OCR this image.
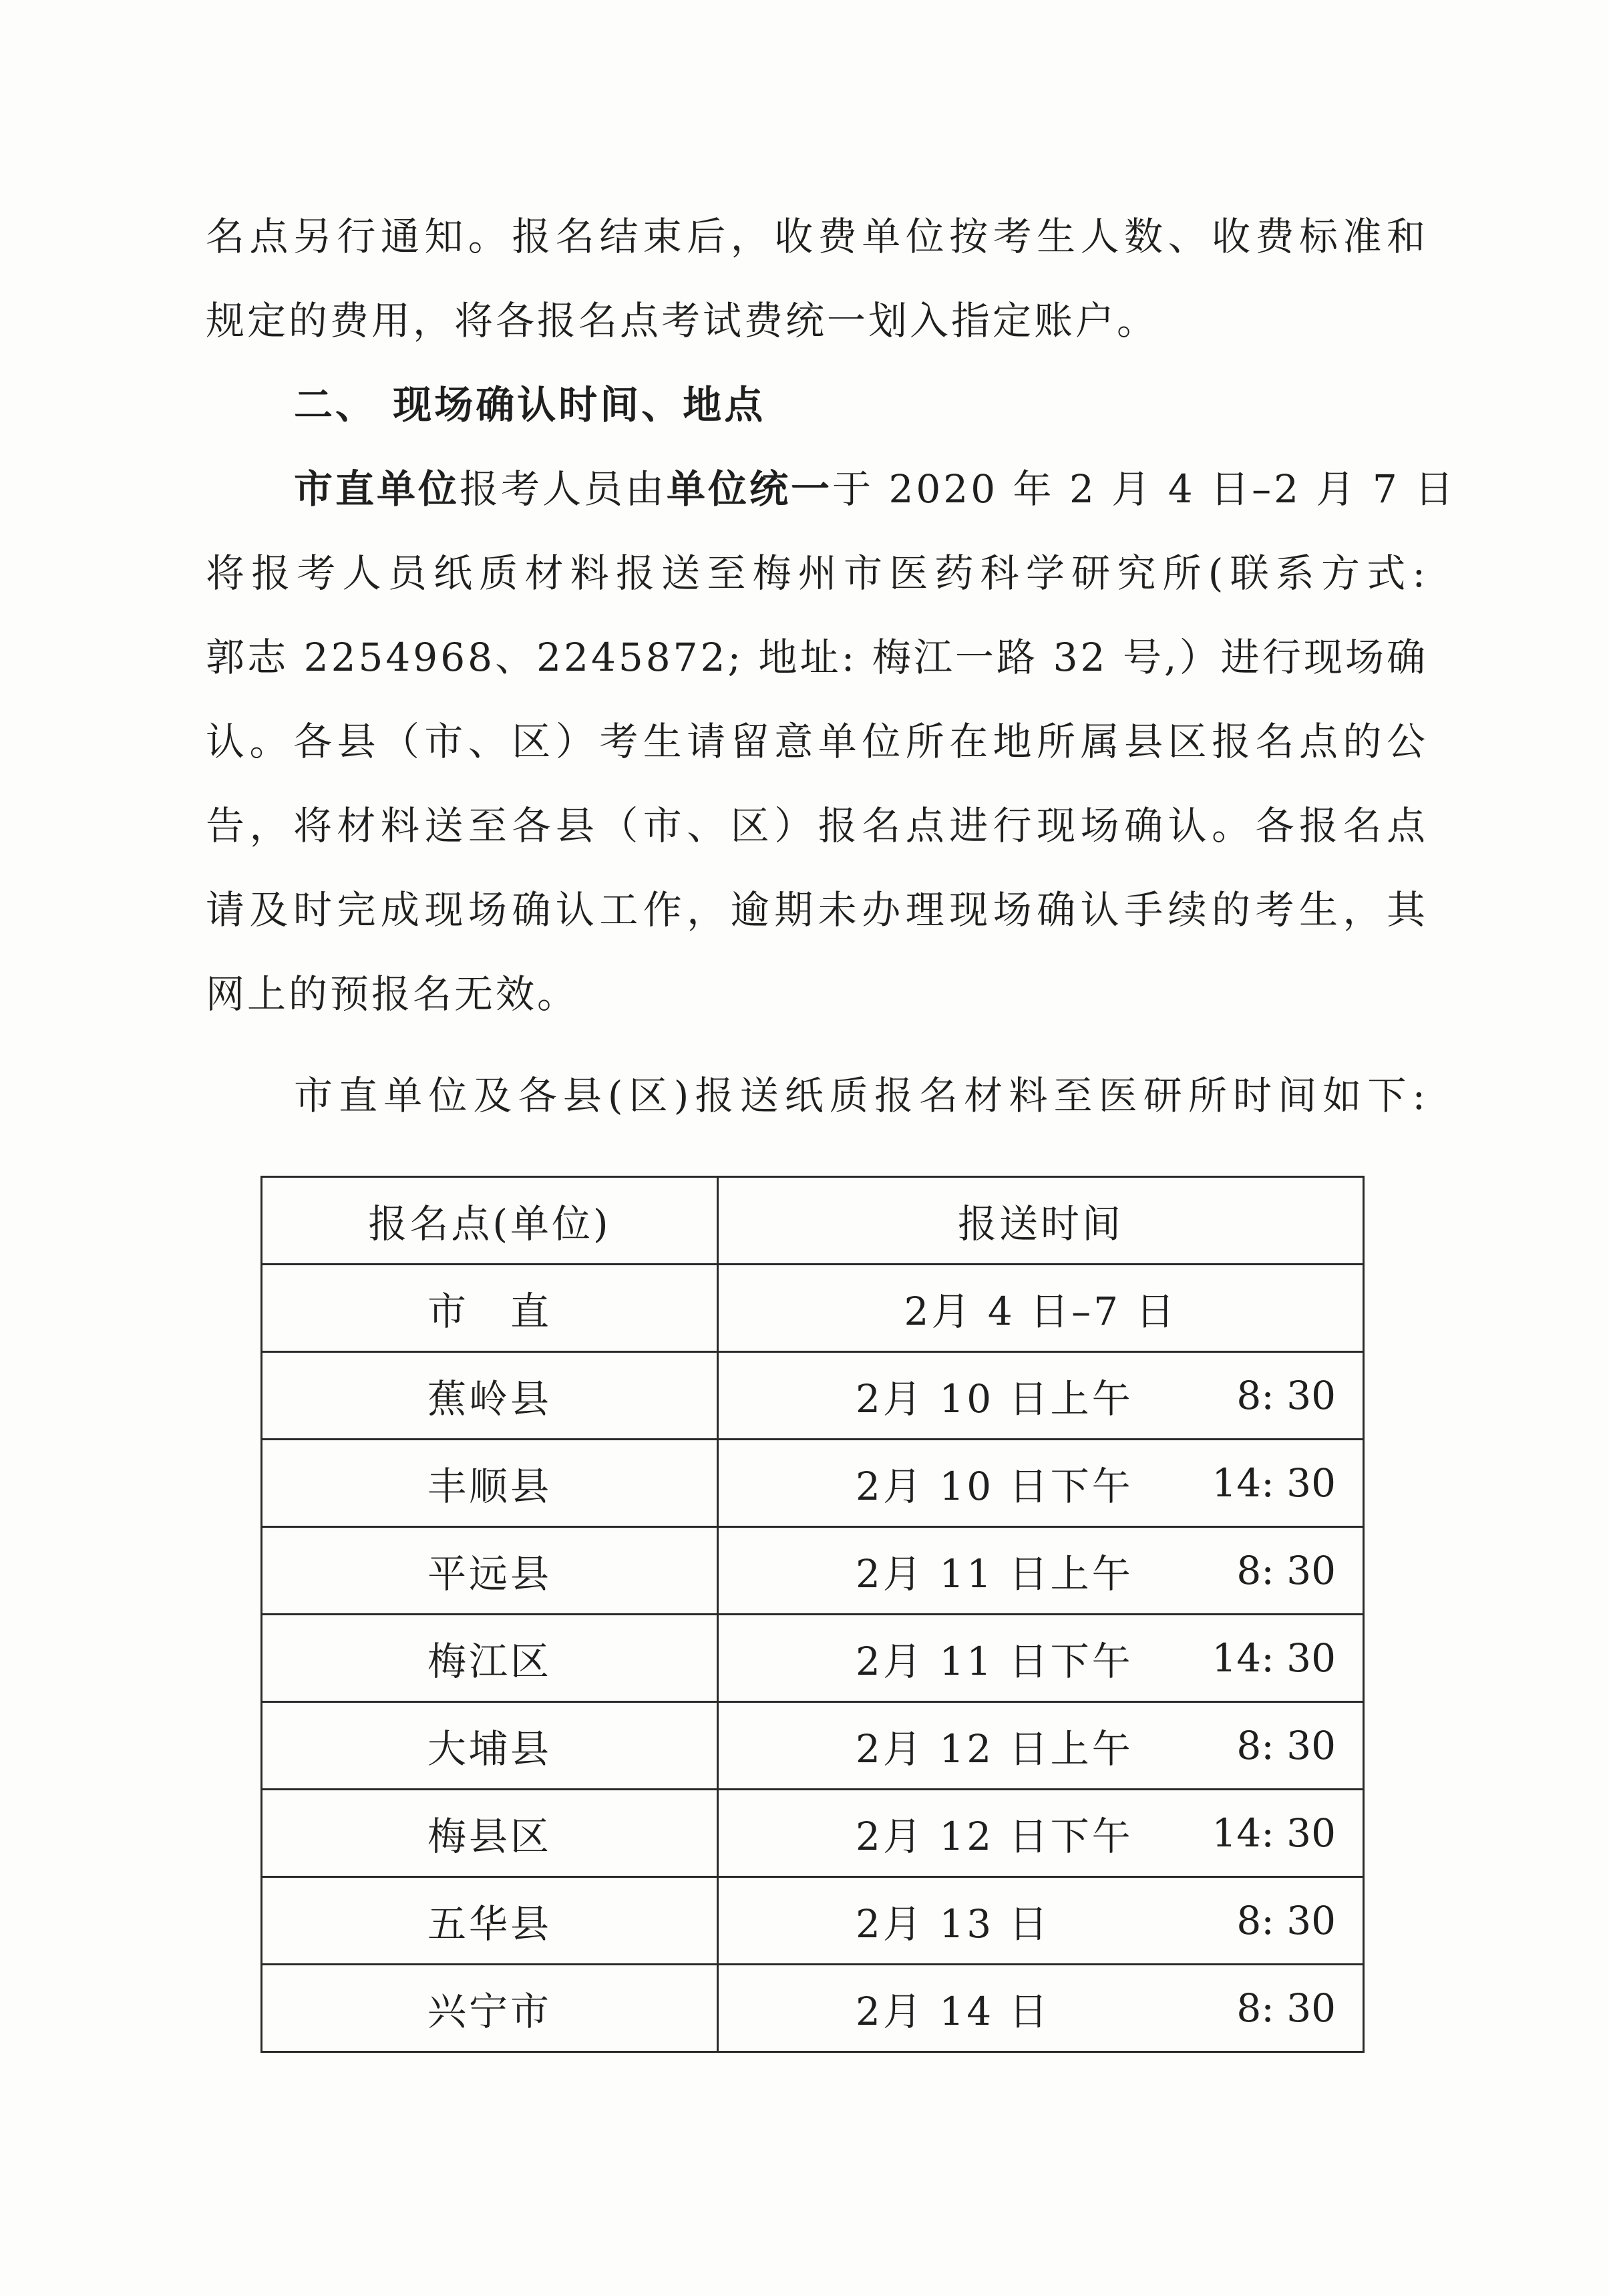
名点另行通知。报名结束后，收费单位按考生人数、收费标准和
规定的费用，将各报名点考试费统一划入指定账户。
二、 现场确认时间、地点
市直单位报考人员由单位统一于 2020 年 2 月 4 日–2 月 7 日
将报考人员纸质材料报送至梅州市医药科学研究所(联系方式:
郭志 2254968、2245872; 地址: 梅江一路 32 号,）进行现场确
认。各县（市、区）考生请留意单位所在地所属县区报名点的公
告，将材料送至各县（市、区）报名点进行现场确认。各报名点
请及时完成现场确认工作，逾期未办理现场确认手续的考生，其
网上的预报名无效。
市直单位及各县(区)报送纸质报名材料至医研所时间如下:
报名点(单位)	报送时间
市　直	2月 4 日–7 日
蕉岭县	2月 10 日上午 8: 30

丰顺县	2月 10 日下午 14: 30

平远县	2月 11 日上午 8: 30

梅江区	2月 11 日下午 14: 30

大埔县	2月 12 日上午 8: 30

梅县区	2月 12 日下午 14: 30

五华县	2月 13 日 8: 30

兴宁市	2月 14 日 8: 30
